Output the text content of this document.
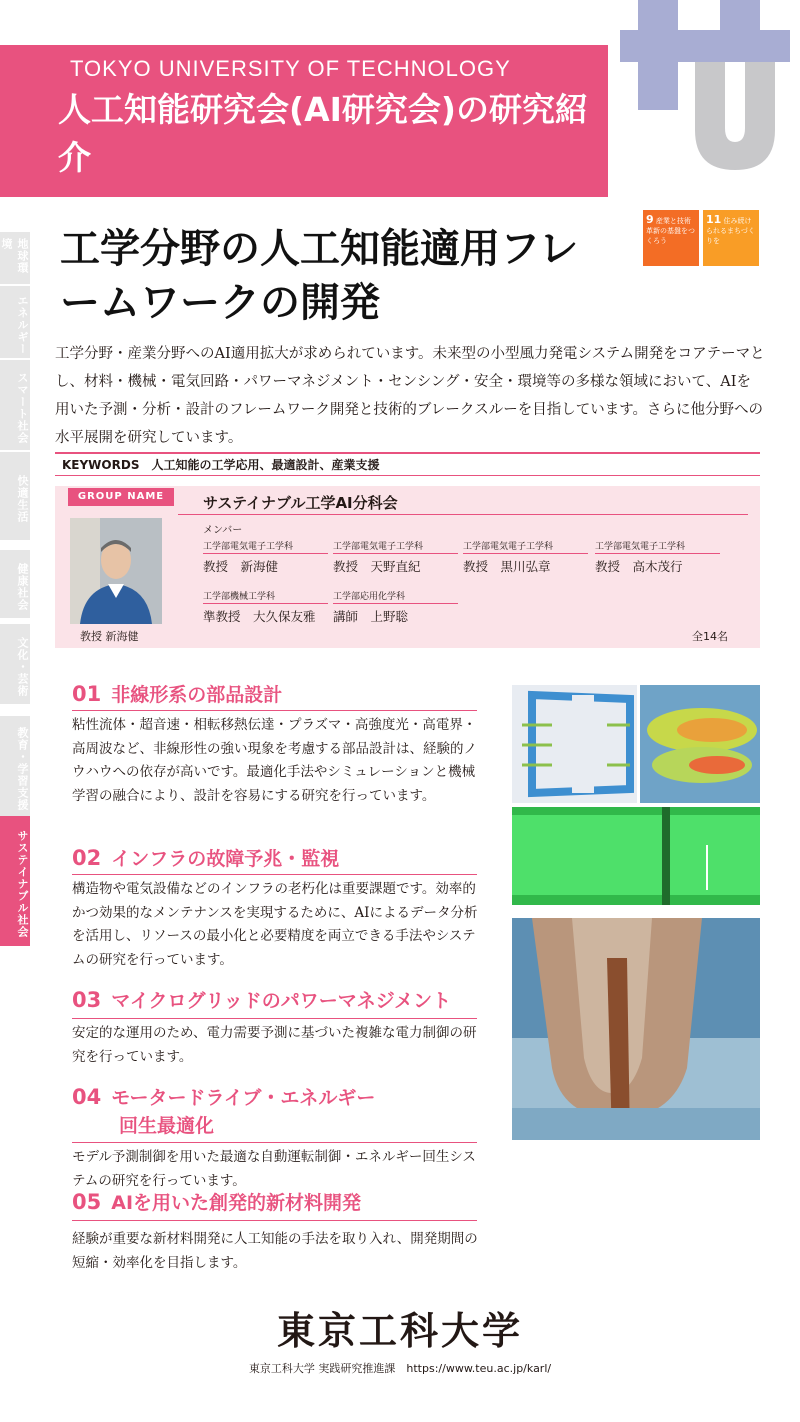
TOKYO UNIVERSITY OF TECHNOLOGY
人工知能研究会(AI研究会)の研究紹介
地球環境
エネルギー
スマート社会
快適生活
健康社会
文化・芸術
教育・学習支援
サステイナブル社会
工学分野の人工知能適用フレームワークの開発
9 産業と技術革新の基盤をつくろう
11 住み続けられるまちづくりを
工学分野・産業分野へのAI適用拡大が求められています。未来型の小型風力発電システム開発をコアテーマとし、材料・機械・電気回路・パワーマネジメント・センシング・安全・環境等の多様な領域において、AIを用いた予測・分析・設計のフレームワーク開発と技術的ブレークスルーを目指しています。さらに他分野への水平展開を研究しています。
KEYWORDS　人工知能の工学応用、最適設計、産業支援
GROUP NAME	サステイナブル工学AI分科会
教授 新海健
メンバー
工学部電気電子工学科
教授　新海健
工学部電気電子工学科
教授　天野直紀
工学部電気電子工学科
教授　黒川弘章
工学部電気電子工学科
教授　高木茂行
工学部機械工学科
準教授　大久保友雅
工学部応用化学科
講師　上野聡
全14名
01 非線形系の部品設計
粘性流体・超音速・相転移熱伝達・プラズマ・高強度光・高電界・高周波など、非線形性の強い現象を考慮する部品設計は、経験的ノウハウへの依存が高いです。最適化手法やシミュレーションと機械学習の融合により、設計を容易にする研究を行っています。
02 インフラの故障予兆・監視
構造物や電気設備などのインフラの老朽化は重要課題です。効率的かつ効果的なメンテナンスを実現するために、AIによるデータ分析を活用し、リソースの最小化と必要精度を両立できる手法やシステムの研究を行っています。
03 マイクログリッドのパワーマネジメント
安定的な運用のため、電力需要予測に基づいた複雑な電力制御の研究を行っています。
04 モータードライブ・エネルギー
回生最適化
モデル予測制御を用いた最適な自動運転制御・エネルギー回生システムの研究を行っています。
05 AIを用いた創発的新材料開発
経験が重要な新材料開発に人工知能の手法を取り入れ、開発期間の短縮・効率化を目指します。
東京工科大学
東京工科大学 実践研究推進課　https://www.teu.ac.jp/karl/
